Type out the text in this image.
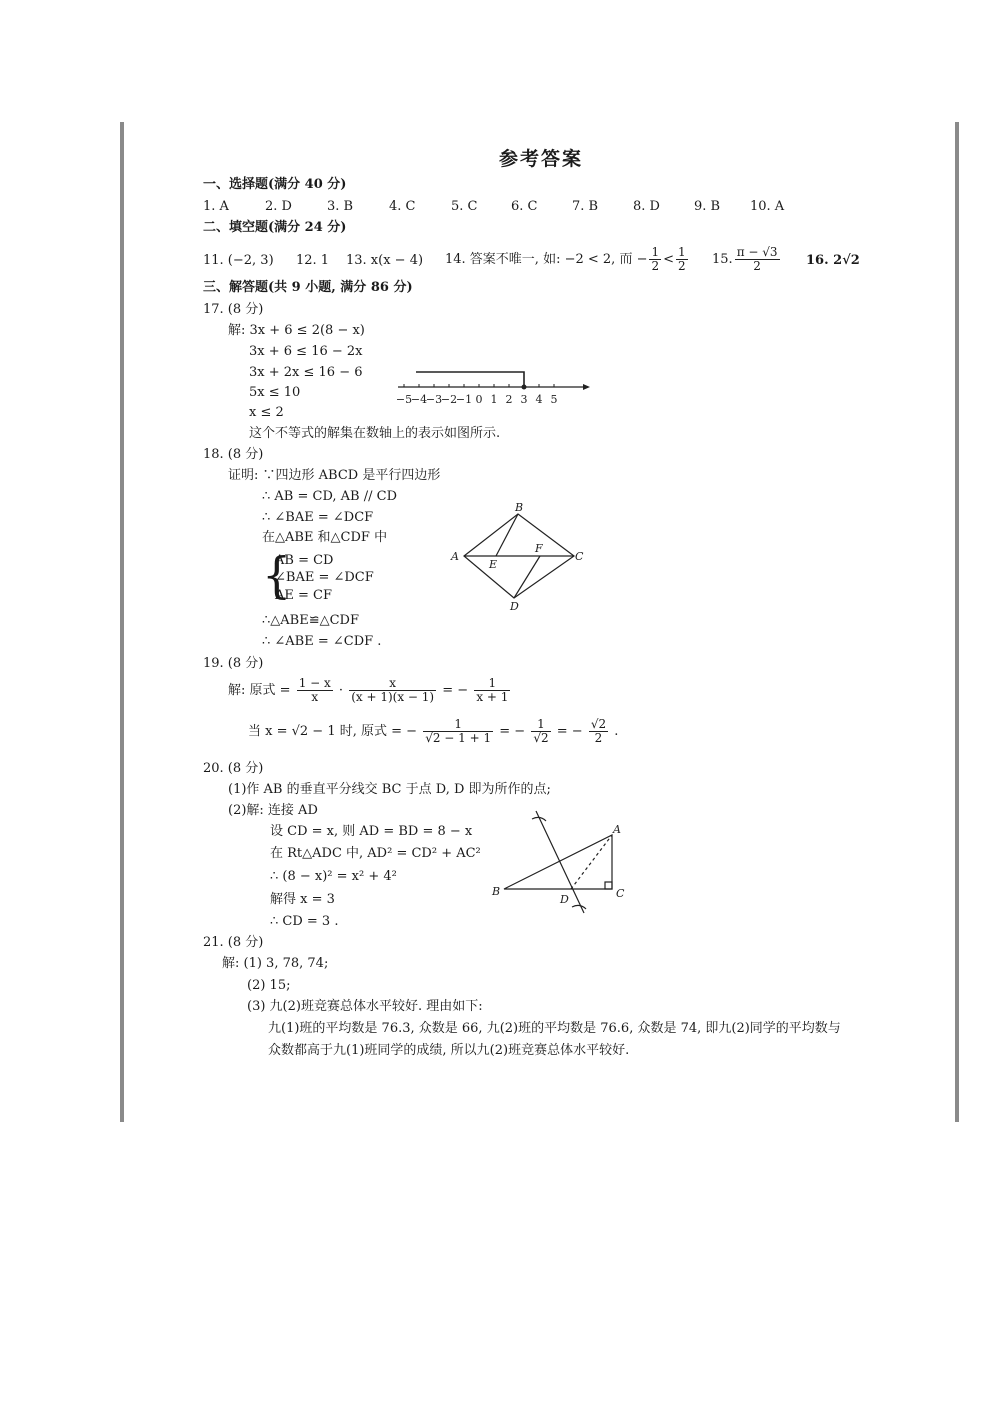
参考答案
一、选择题(满分 40 分)
1. A	2. D	3. B	4. C	5. C	6. C	7. B	8. D	9. B 10. A
二、填空题(满分 24 分)
11. (−2, 3) 12. 1 13. x(x − 4) 14. 答案不唯一, 如: −2 < 2, 而 − $\frac{1}{2} < \frac{1}{2} 15$. $\frac{\pi - √3}{2} 16$. 2√2
三、解答题(共 9 小题, 满分 86 分)
17. (8 分)
解: 3x + 6 ≤ 2(8 − x)
3x + 6 ≤ 16 − 2x
3x + 2x ≤ 16 − 6
5x ≤ 10
x ≤ 2
−5
−4
−3
−2
−1 0 1 2 3 4 5
这个不等式的解集在数轴上的表示如图所示.
18. (8 分)
证明: ∵四边形 ABCD 是平行四边形
∴ AB = CD, AB // CD
∴ ∠BAE = ∠DCF
在△ABE 和△CDF 中
{
AB = CD
∠BAE = ∠DCF
AE = CF
∴△ABE≌△CDF
∴ ∠ABE = ∠CDF .
A
B
C
D
E
F
19. (8 分)
解: 原式 = $\frac{1 - x}{x} \cdot \frac{x}{(x + 1)(x - 1)}$ = − $\frac{1}{x + 1}$
当 x = √2 − 1 时, 原式 = − $\frac{1}{√2 - 1 + 1}$ = − $\frac{1}{√2}$ = − $\frac{√2}{2}$ .
20. (8 分)
(1)作 AB 的垂直平分线交 BC 于点 D, D 即为所作的点;
(2)解: 连接 AD
设 CD = x, 则 AD = BD = 8 − x
在 Rt△ADC 中, AD² = CD² + AC²
∴ (8 − x)² = x² + 4²
解得 x = 3
∴ CD = 3 .
A
B	C
D
21. (8 分)
解: (1) 3, 78, 74;
(2) 15;
(3) 九(2)班竞赛总体水平较好. 理由如下:
九(1)班的平均数是 76.3, 众数是 66, 九(2)班的平均数是 76.6, 众数是 74, 即九(2)同学的平均数与
众数都高于九(1)班同学的成绩, 所以九(2)班竞赛总体水平较好.
